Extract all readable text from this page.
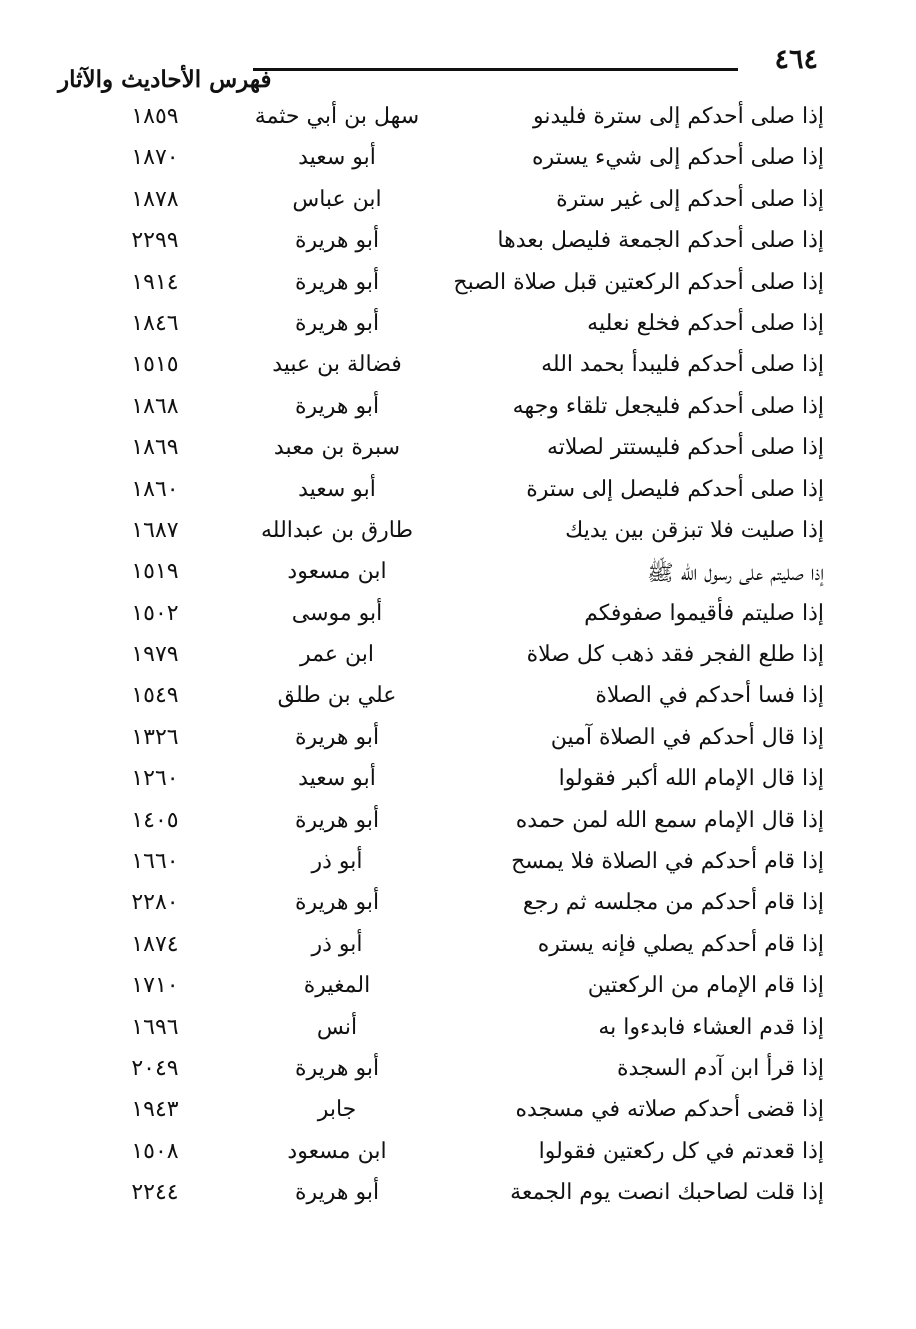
٤٦٤
فهرس الأحاديث والآثار
إذا صلى أحدكم إلى سترة فليدنو
سهل بن أبي حثمة
١٨٥٩
إذا صلى أحدكم إلى شيء يستره
أبو سعيد
١٨٧٠
إذا صلى أحدكم إلى غير سترة
ابن عباس
١٨٧٨
إذا صلى أحدكم الجمعة فليصل بعدها
أبو هريرة
٢٢٩٩
إذا صلى أحدكم الركعتين قبل صلاة الصبح
أبو هريرة
١٩١٤
إذا صلى أحدكم فخلع نعليه
أبو هريرة
١٨٤٦
إذا صلى أحدكم فليبدأ بحمد الله
فضالة بن عبيد
١٥١٥
إذا صلى أحدكم فليجعل تلقاء وجهه
أبو هريرة
١٨٦٨
إذا صلى أحدكم فليستتر لصلاته
سبرة بن معبد
١٨٦٩
إذا صلى أحدكم فليصل إلى سترة
أبو سعيد
١٨٦٠
إذا صليت فلا تبزقن بين يديك
طارق بن عبدالله
١٦٨٧
إذا صليتم على رسول الله ﷺ
ابن مسعود
١٥١٩
إذا صليتم فأقيموا صفوفكم
أبو موسى
١٥٠٢
إذا طلع الفجر فقد ذهب كل صلاة
ابن عمر
١٩٧٩
إذا فسا أحدكم في الصلاة
علي بن طلق
١٥٤٩
إذا قال أحدكم في الصلاة آمين
أبو هريرة
١٣٢٦
إذا قال الإمام الله أكبر فقولوا
أبو سعيد
١٢٦٠
إذا قال الإمام سمع الله لمن حمده
أبو هريرة
١٤٠٥
إذا قام أحدكم في الصلاة فلا يمسح
أبو ذر
١٦٦٠
إذا قام أحدكم من مجلسه ثم رجع
أبو هريرة
٢٢٨٠
إذا قام أحدكم يصلي فإنه يستره
أبو ذر
١٨٧٤
إذا قام الإمام من الركعتين
المغيرة
١٧١٠
إذا قدم العشاء فابدءوا به
أنس
١٦٩٦
إذا قرأ ابن آدم السجدة
أبو هريرة
٢٠٤٩
إذا قضى أحدكم صلاته في مسجده
جابر
١٩٤٣
إذا قعدتم في كل ركعتين فقولوا
ابن مسعود
١٥٠٨
إذا قلت لصاحبك انصت يوم الجمعة
أبو هريرة
٢٢٤٤
